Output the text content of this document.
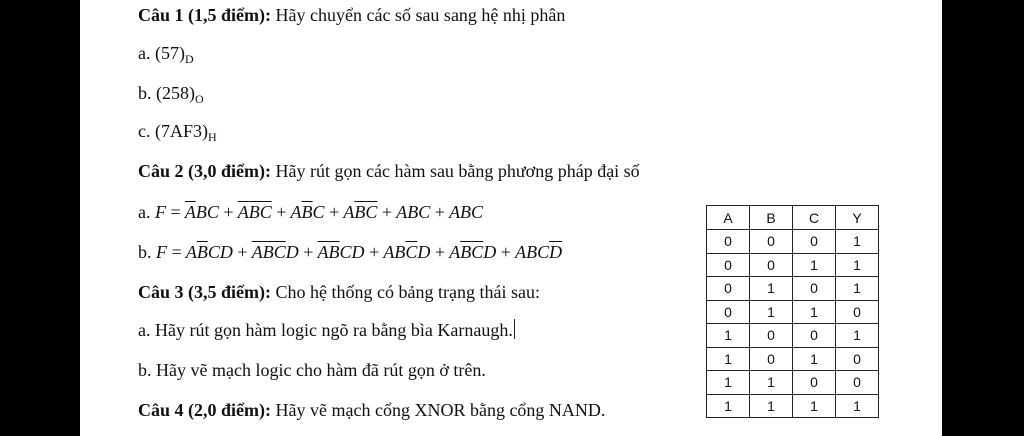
Câu 1 (1,5 điểm): Hãy chuyển các số sau sang hệ nhị phân
a. $(57)_D$
b. $(258)_O$
c. $(7AF3)_H$
Câu 2 (3,0 điểm): Hãy rút gọn các hàm sau bằng phương pháp đại số
a. $F = \overline{A}BC + \overline{A}\overline{B}\overline{C} + A\overline{B}C + A\overline{B}\overline{C}$ + ABC + ABC
b. $F = A\overline{B}CD + \overline{A}\overline{B}\overline{C}D + \overline{A}\overline{B}CD + AB\overline{C}D + A\overline{B}\overline{C}D + ABC\overline{D}$
Câu 3 (3,5 điểm): Cho hệ thống có bảng trạng thái sau:
a. Hãy rút gọn hàm logic ngõ ra bằng bìa Karnaugh.
b. Hãy vẽ mạch logic cho hàm đã rút gọn ở trên.
Câu 4 (2,0 điểm): Hãy vẽ mạch cổng XNOR bằng cổng NAND.
A	B	C	Y
0	0	0	1
0	0	1	1
0	1	0	1
0	1	1	0
1	0	0	1
1	0	1	0
1	1	0	0
1	1	1	1
